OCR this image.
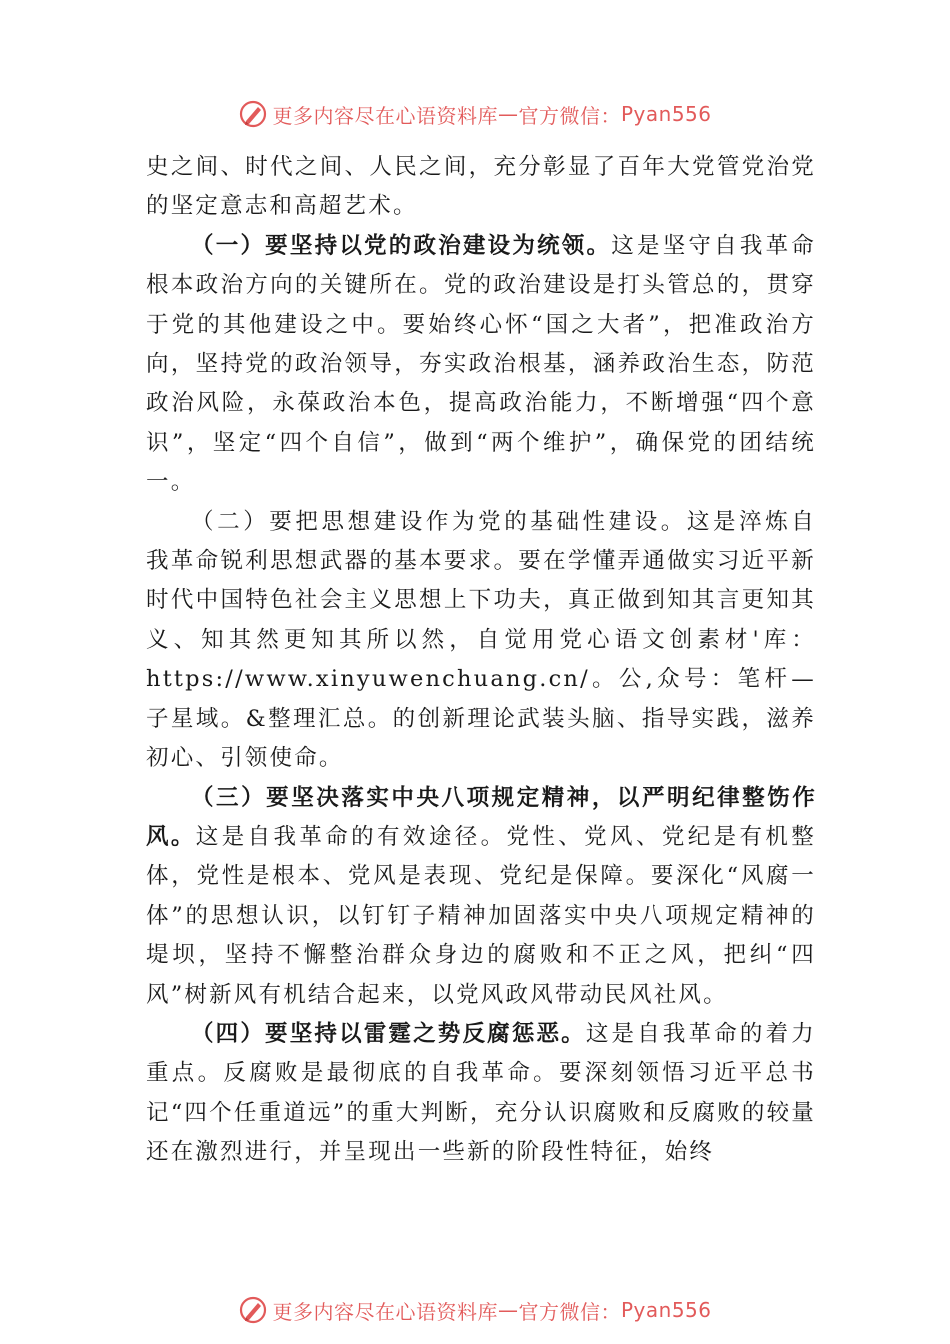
更多内容尽在心语资料库 — 官方微信： Pyan556

史之间、时代之间、人民之间，充分彰显了百年大党管党治党的坚定意志和高超艺术。

（一）要坚持以党的政治建设为统领。这是坚守自我革命根本政治方向的关键所在。党的政治建设是打头管总的，贯穿于党的其他建设之中。要始终心怀“国之大者”，把准政治方向，坚持党的政治领导，夯实政治根基，涵养政治生态，防范政治风险，永葆政治本色，提高政治能力，不断增强“四个意识”，坚定“四个自信”，做到“两个维护”，确保党的团结统一。

（二）要把思想建设作为党的基础性建设。这是淬炼自 我革命锐利思想武器的基本要求。要在学懂弄通做实习近平新时代中国特色社会主义思想上下功夫，真正做到知其言更知其义、知其然更知其所以然，自觉用党心语文创素材'库：https://www.xinyuwenchuang.cn/。公,众号：笔杆—子星域。&整理汇总。的创新理论武装头脑、指导实践，滋养初心、引领使命。

（三）要坚决落实中央八项规定精神，以严明纪律整饬作风。这是自我革命的有效途径。党性、党风、党纪是有机整体，党性是根本、党风是表现、党纪是保障。要深化“风腐一体”的思想认识，以钉钉子精神加固落实中央八项规定精神的堤坝，坚持不懈整治群众身边的腐败和不正之风，把纠“四风”树新风有机结合起来，以党风政风带动民风社风。

（四）要坚持以雷霆之势反腐惩恶。这是自我革命的着力重点。反腐败是最彻底的自我革命。要深刻领悟习近平总书记“四个任重道远”的重大判断，充分认识腐败和反腐败的较量还在激烈进行，并呈现出一些新的阶段性特征，始终

更多内容尽在心语资料库 — 官方微信： Pyan556
